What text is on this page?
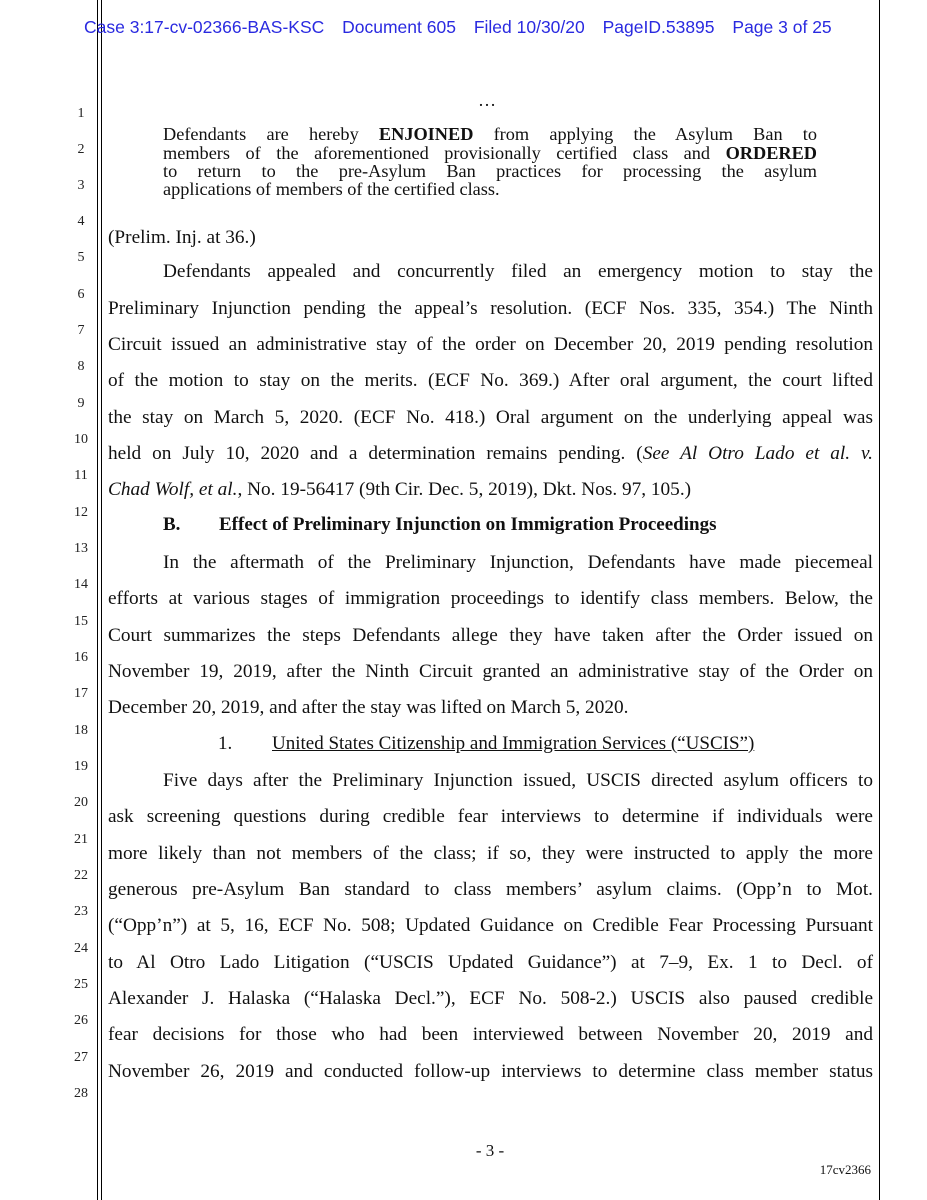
Case 3:17-cv-02366-BAS-KSC Document 605 Filed 10/30/20 PageID.53895 Page 3 of 25
1
2
3
4
5
6
7
8
9
10
11
12
13
14
15
16
17
18
19
20
21
22
23
24
25
26
27
28
…
Defendants are hereby ENJOINED from applying the Asylum Ban to
members of the aforementioned provisionally certified class and ORDERED
to return to the pre-Asylum Ban practices for processing the asylum
applications of members of the certified class.
(Prelim. Inj. at 36.)
Defendants appealed and concurrently filed an emergency motion to stay the
Preliminary Injunction pending the appeal’s resolution. (ECF Nos. 335, 354.) The Ninth
Circuit issued an administrative stay of the order on December 20, 2019 pending resolution
of the motion to stay on the merits. (ECF No. 369.) After oral argument, the court lifted
the stay on March 5, 2020. (ECF No. 418.) Oral argument on the underlying appeal was
held on July 10, 2020 and a determination remains pending. (See Al Otro Lado et al. v.
Chad Wolf, et al., No. 19-56417 (9th Cir. Dec. 5, 2019), Dkt. Nos. 97, 105.)
B. Effect of Preliminary Injunction on Immigration Proceedings
In the aftermath of the Preliminary Injunction, Defendants have made piecemeal
efforts at various stages of immigration proceedings to identify class members. Below, the
Court summarizes the steps Defendants allege they have taken after the Order issued on
November 19, 2019, after the Ninth Circuit granted an administrative stay of the Order on
December 20, 2019, and after the stay was lifted on March 5, 2020.
1. United States Citizenship and Immigration Services (“USCIS”)
Five days after the Preliminary Injunction issued, USCIS directed asylum officers to
ask screening questions during credible fear interviews to determine if individuals were
more likely than not members of the class; if so, they were instructed to apply the more
generous pre-Asylum Ban standard to class members’ asylum claims. (Opp’n to Mot.
(“Opp’n”) at 5, 16, ECF No. 508; Updated Guidance on Credible Fear Processing Pursuant
to Al Otro Lado Litigation (“USCIS Updated Guidance”) at 7–9, Ex. 1 to Decl. of
Alexander J. Halaska (“Halaska Decl.”), ECF No. 508-2.) USCIS also paused credible
fear decisions for those who had been interviewed between November 20, 2019 and
November 26, 2019 and conducted follow-up interviews to determine class member status
- 3 -
17cv2366
